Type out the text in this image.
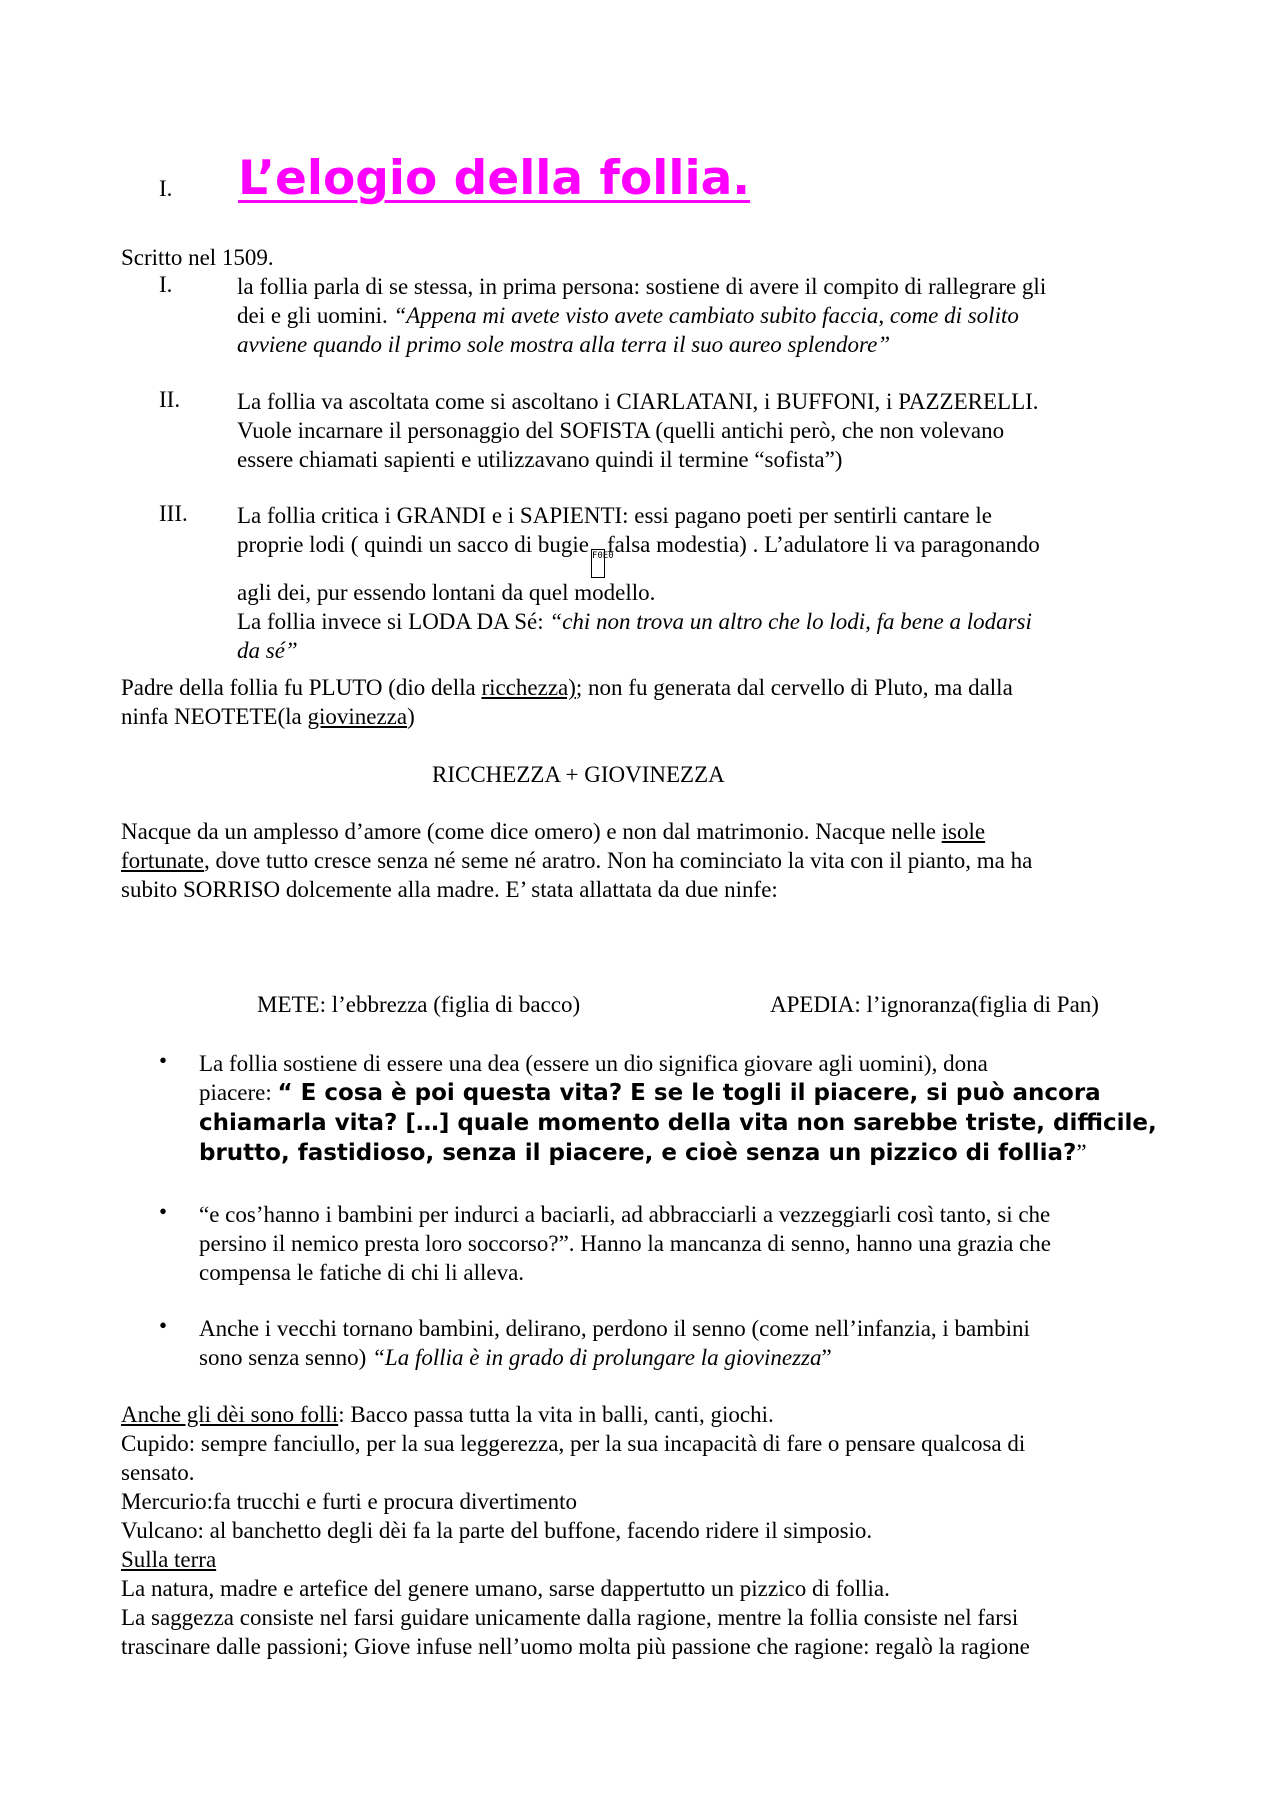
I. L’elogio della follia.
Scritto nel 1509.
I.	la follia parla di se stessa, in prima persona: sostiene di avere il compito di rallegrare gli
dei e gli uomini. “Appena mi avete visto avete cambiato subito faccia, come di solito
avviene quando il primo sole mostra alla terra il suo aureo splendore”
II. La follia va ascoltata come si ascoltano i CIARLATANI, i BUFFONI, i PAZZERELLI.
Vuole incarnare il personaggio del SOFISTA (quelli antichi però, che non volevano
essere chiamati sapienti e utilizzavano quindi il termine “sofista”)
III. La follia critica i GRANDI e i SAPIENTI: essi pagano poeti per sentirli cantare le
proprie lodi ( quindi un sacco di bugie F0E0falsa modestia) . L’adulatore li va paragonando
agli dei, pur essendo lontani da quel modello.
La follia invece si LODA DA Sé: “chi non trova un altro che lo lodi, fa bene a lodarsi
da sé”
Padre della follia fu PLUTO (dio della ricchezza); non fu generata dal cervello di Pluto, ma dalla
ninfa NEOTETE(la giovinezza)
RICCHEZZA + GIOVINEZZA
Nacque da un amplesso d’amore (come dice omero) e non dal matrimonio. Nacque nelle isole
fortunate, dove tutto cresce senza né seme né aratro. Non ha cominciato la vita con il pianto, ma ha
subito SORRISO dolcemente alla madre. E’ stata allattata da due ninfe:
METE: l’ebbrezza (figlia di bacco)	APEDIA: l’ignoranza(figlia di Pan)
• La follia sostiene di essere una dea (essere un dio significa giovare agli uomini), dona
piacere: “ E cosa è poi questa vita? E se le togli il piacere, si può ancora
chiamarla vita? […] quale momento della vita non sarebbe triste, difficile,
brutto, fastidioso, senza il piacere, e cioè senza un pizzico di follia?”
• “e cos’hanno i bambini per indurci a baciarli, ad abbracciarli a vezzeggiarli così tanto, si che
persino il nemico presta loro soccorso?”. Hanno la mancanza di senno, hanno una grazia che
compensa le fatiche di chi li alleva.
• Anche i vecchi tornano bambini, delirano, perdono il senno (come nell’infanzia, i bambini
sono senza senno) “La follia è in grado di prolungare la giovinezza”
Anche gli dèi sono folli: Bacco passa tutta la vita in balli, canti, giochi.
Cupido: sempre fanciullo, per la sua leggerezza, per la sua incapacità di fare o pensare qualcosa di
sensato.
Mercurio:fa trucchi e furti e procura divertimento
Vulcano: al banchetto degli dèi fa la parte del buffone, facendo ridere il simposio.
Sulla terra
La natura, madre e artefice del genere umano, sarse dappertutto un pizzico di follia.
La saggezza consiste nel farsi guidare unicamente dalla ragione, mentre la follia consiste nel farsi
trascinare dalle passioni; Giove infuse nell’uomo molta più passione che ragione: regalò la ragione
